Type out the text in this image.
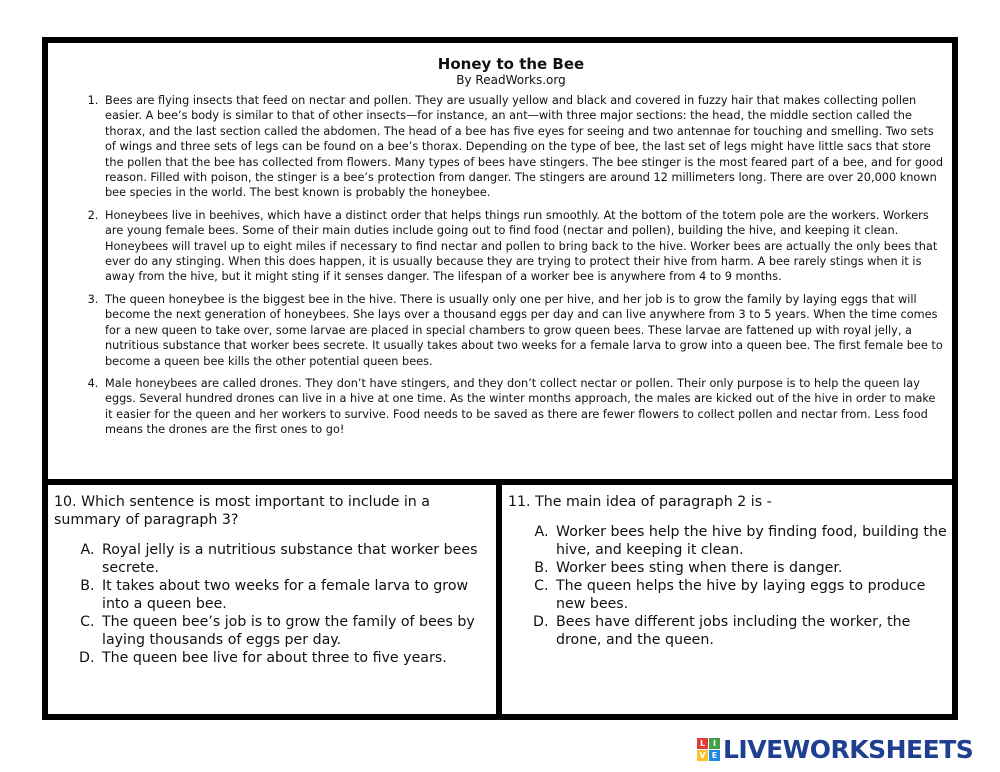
Honey to the Bee

By ReadWorks.org

1. Bees are flying insects that feed on nectar and pollen. They are usually yellow and black and covered in fuzzy hair that makes collecting pollen easier. A bee’s body is similar to that of other insects—for instance, an ant—with three major sections: the head, the middle section called the thorax, and the last section called the abdomen. The head of a bee has five eyes for seeing and two antennae for touching and smelling. Two sets of wings and three sets of legs can be found on a bee’s thorax. Depending on the type of bee, the last set of legs might have little sacs that store the pollen that the bee has collected from flowers. Many types of bees have stingers. The bee stinger is the most feared part of a bee, and for good reason. Filled with poison, the stinger is a bee’s protection from danger. The stingers are around 12 millimeters long. There are over 20,000 known bee species in the world. The best known is probably the honeybee.
2. Honeybees live in beehives, which have a distinct order that helps things run smoothly. At the bottom of the totem pole are the workers. Workers are young female bees. Some of their main duties include going out to find food (nectar and pollen), building the hive, and keeping it clean. Honeybees will travel up to eight miles if necessary to find nectar and pollen to bring back to the hive. Worker bees are actually the only bees that ever do any stinging. When this does happen, it is usually because they are trying to protect their hive from harm. A bee rarely stings when it is away from the hive, but it might sting if it senses danger. The lifespan of a worker bee is anywhere from 4 to 9 months.
3. The queen honeybee is the biggest bee in the hive. There is usually only one per hive, and her job is to grow the family by laying eggs that will become the next generation of honeybees. She lays over a thousand eggs per day and can live anywhere from 3 to 5 years. When the time comes for a new queen to take over, some larvae are placed in special chambers to grow queen bees. These larvae are fattened up with royal jelly, a nutritious substance that worker bees secrete. It usually takes about two weeks for a female larva to grow into a queen bee. The first female bee to become a queen bee kills the other potential queen bees.
4. Male honeybees are called drones. They don’t have stingers, and they don’t collect nectar or pollen. Their only purpose is to help the queen lay eggs. Several hundred drones can live in a hive at one time. As the winter months approach, the males are kicked out of the hive in order to make it easier for the queen and her workers to survive. Food needs to be saved as there are fewer flowers to collect pollen and nectar from. Less food means the drones are the first ones to go!

10. Which sentence is most important to include in a summary of paragraph 3?

A. Royal jelly is a nutritious substance that worker bees secrete.
B. It takes about two weeks for a female larva to grow into a queen bee.
C. The queen bee’s job is to grow the family of bees by laying thousands of eggs per day.
D. The queen bee live for about three to five years.

11. The main idea of paragraph 2 is -

A. Worker bees help the hive by finding food, building the hive, and keeping it clean.
B. Worker bees sting when there is danger.
C. The queen helps the hive by laying eggs to produce new bees.
D. Bees have different jobs including the worker, the drone, and the queen.
L I
V E LIVEWORKSHEETS
